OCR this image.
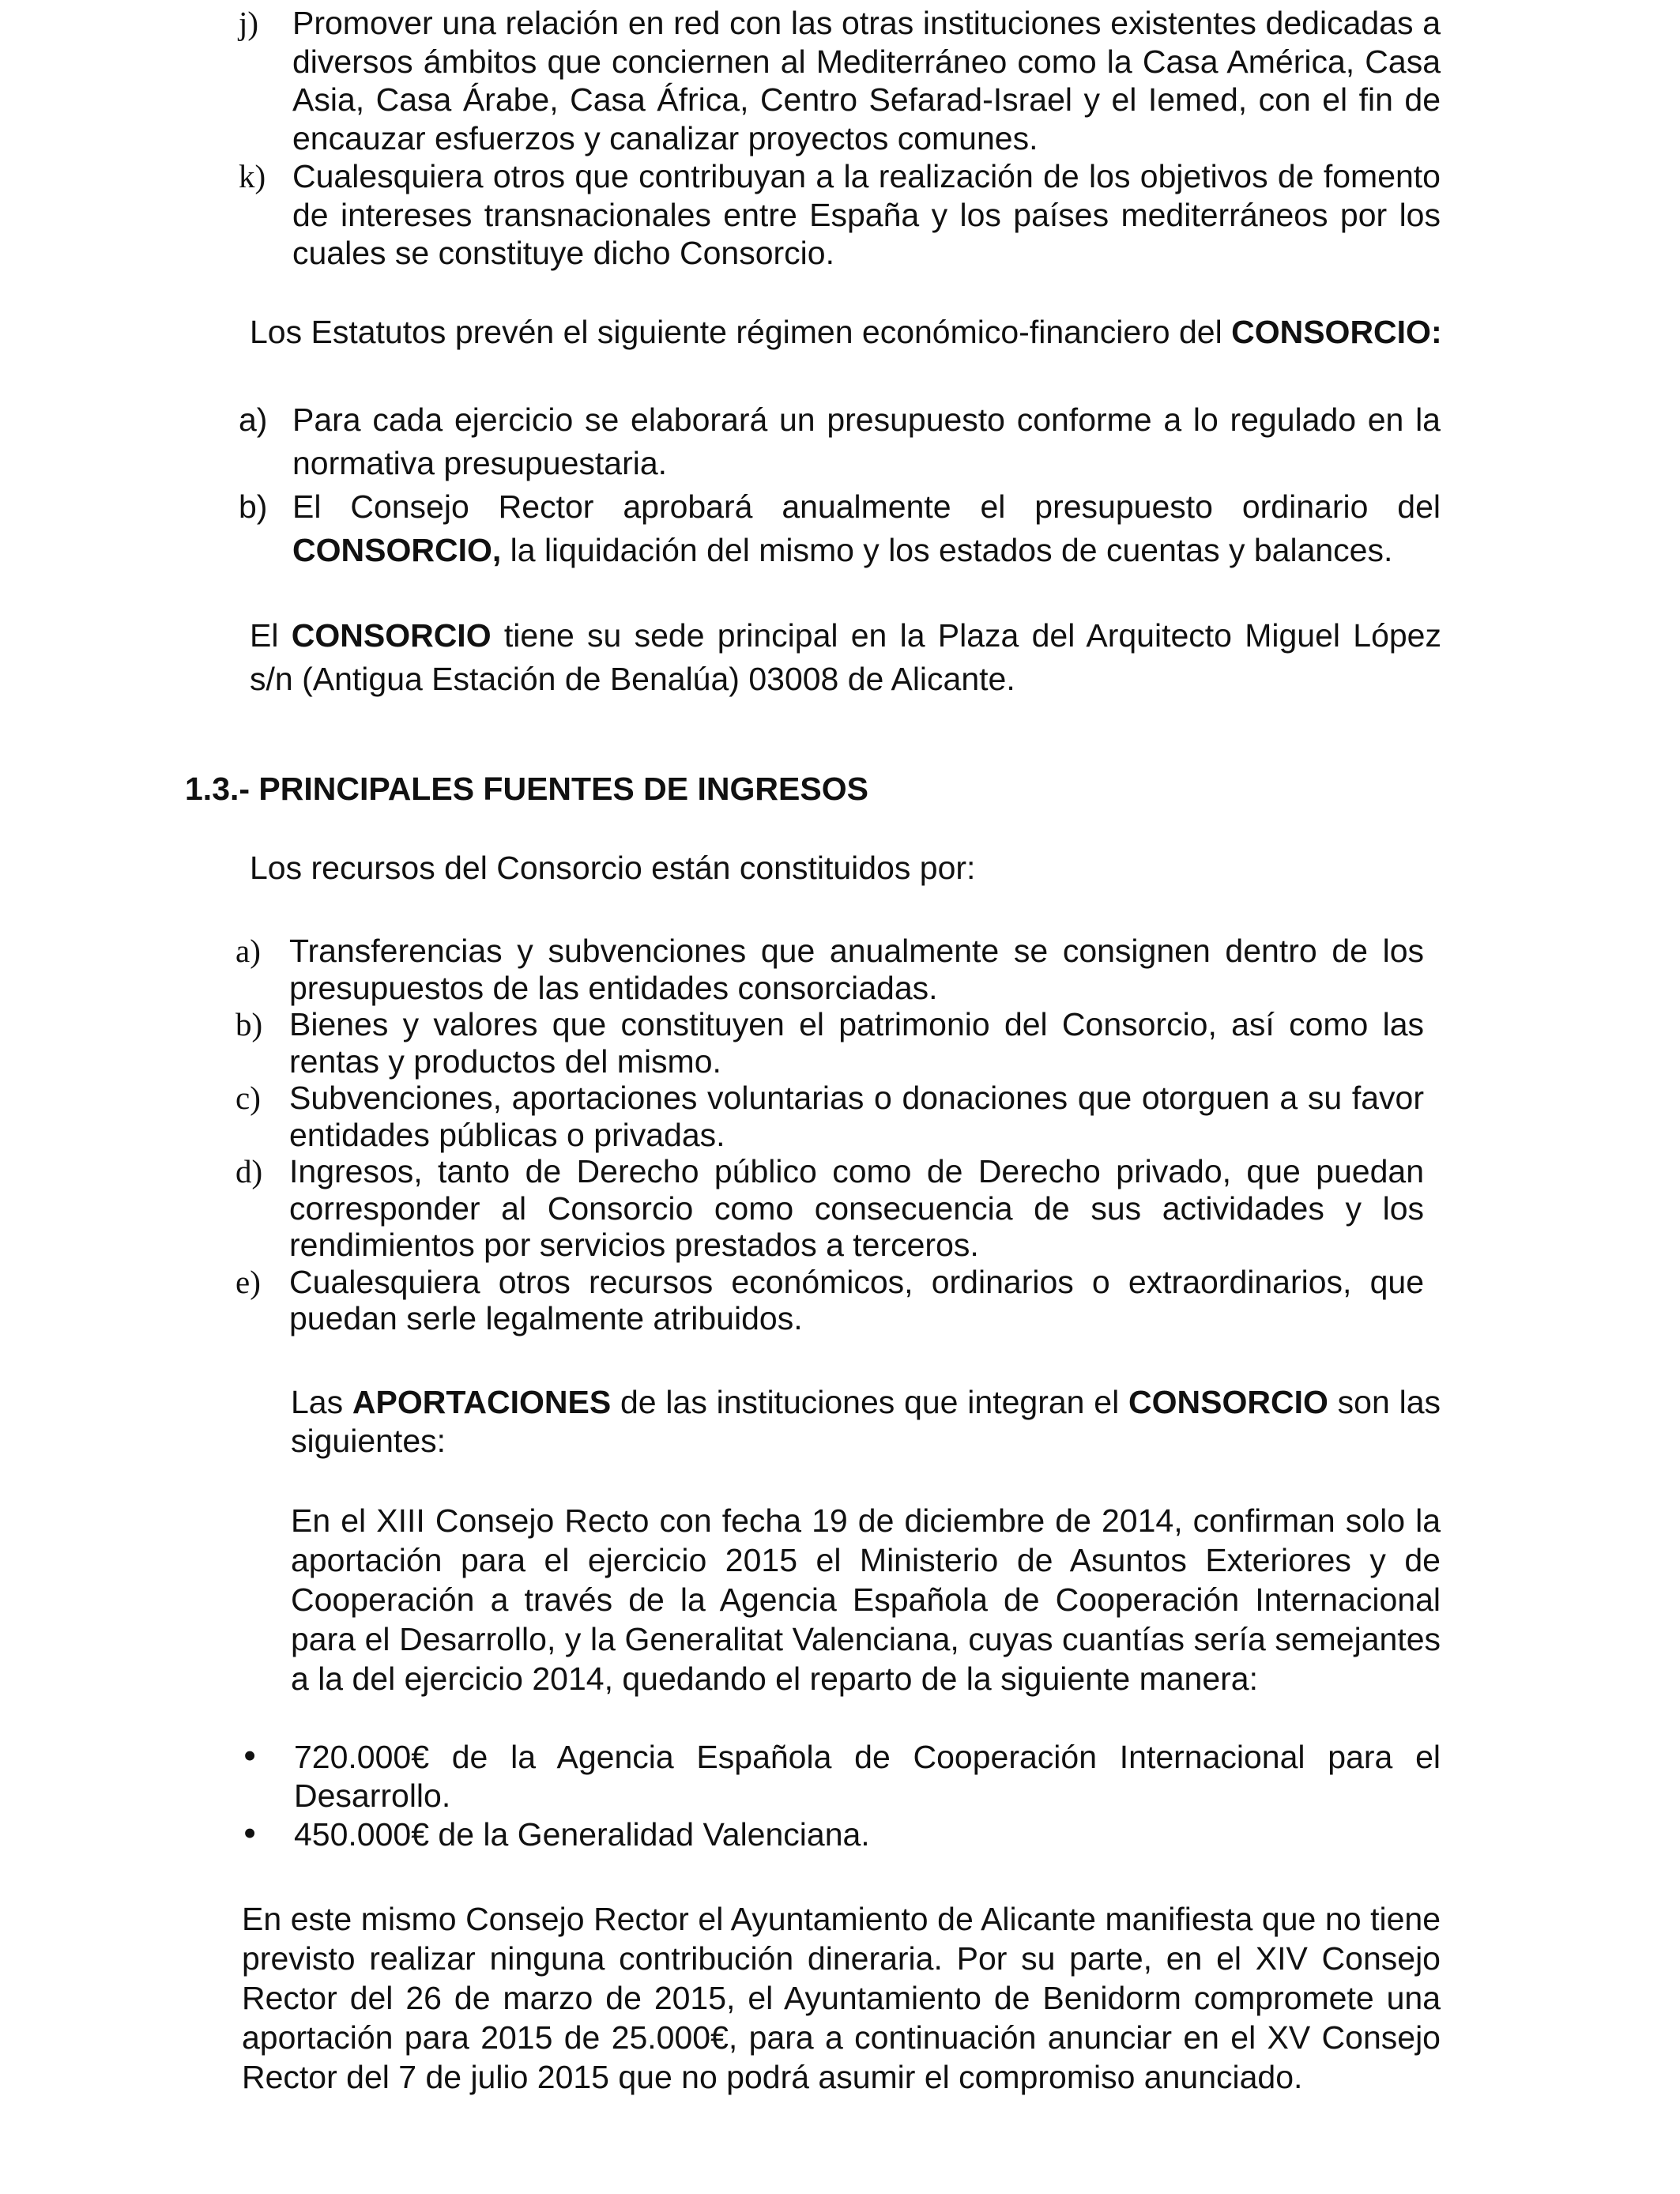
j) Promover una relación en red con las otras instituciones existentes dedicadas a diversos ámbitos que conciernen al Mediterráneo como la Casa América, Casa Asia, Casa Árabe, Casa África, Centro Sefarad-Israel y el Iemed, con el fin de encauzar esfuerzos y canalizar proyectos comunes.
k) Cualesquiera otros que contribuyan a la realización de los objetivos de fomento de intereses transnacionales entre España y los países mediterráneos por los cuales se constituye dicho Consorcio.
Los Estatutos prevén el siguiente régimen económico-financiero del CONSORCIO:
a) Para cada ejercicio se elaborará un presupuesto conforme a lo regulado en la normativa presupuestaria.
b) El Consejo Rector aprobará anualmente el presupuesto ordinario del CONSORCIO, la liquidación del mismo y los estados de cuentas y balances.
El CONSORCIO tiene su sede principal en la Plaza del Arquitecto Miguel López s/n (Antigua Estación de Benalúa) 03008 de Alicante.
1.3.- PRINCIPALES FUENTES DE INGRESOS
Los recursos del Consorcio están constituidos por:
a) Transferencias y subvenciones que anualmente se consignen dentro de los presupuestos de las entidades consorciadas.
b) Bienes y valores que constituyen el patrimonio del Consorcio, así como las rentas y productos del mismo.
c) Subvenciones, aportaciones voluntarias o donaciones que otorguen a su favor entidades públicas o privadas.
d) Ingresos, tanto de Derecho público como de Derecho privado, que puedan corresponder al Consorcio como consecuencia de sus actividades y los rendimientos por servicios prestados a terceros.
e) Cualesquiera otros recursos económicos, ordinarios o extraordinarios, que puedan serle legalmente atribuidos.
Las APORTACIONES de las instituciones que integran el CONSORCIO son las siguientes:
En el XIII Consejo Recto con fecha 19 de diciembre de 2014, confirman solo la aportación para el ejercicio 2015 el Ministerio de Asuntos Exteriores y de Cooperación a través de la Agencia Española de Cooperación Internacional para el Desarrollo, y la Generalitat Valenciana, cuyas cuantías sería semejantes a la del ejercicio 2014, quedando el reparto de la siguiente manera:
• 720.000€ de la Agencia Española de Cooperación Internacional para el Desarrollo.
• 450.000€ de la Generalidad Valenciana.
En este mismo Consejo Rector el Ayuntamiento de Alicante manifiesta que no tiene previsto realizar ninguna contribución dineraria. Por su parte, en el XIV Consejo Rector del 26 de marzo de 2015, el Ayuntamiento de Benidorm compromete una aportación para 2015 de 25.000€, para a continuación anunciar en el XV Consejo Rector del 7 de julio 2015 que no podrá asumir el compromiso anunciado.
